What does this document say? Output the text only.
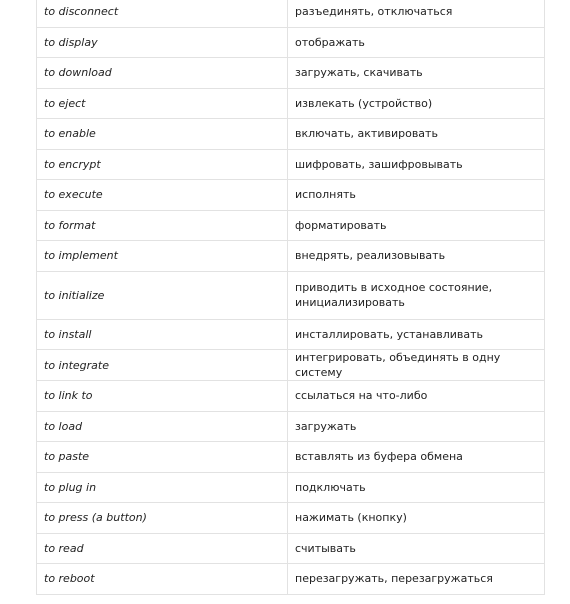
to disconnect	разъединять, отключаться
to display	отображать
to download	загружать, скачивать
to eject	извлекать (устройство)
to enable	включать, активировать
to encrypt	шифровать, зашифровывать
to execute	исполнять
to format	форматировать
to implement	внедрять, реализовывать
to initialize	приводить в исходное состояние, инициализировать
to install	инсталлировать, устанавливать
to integrate	интегрировать, объединять в одну систему
to link to	ссылаться на что-либо
to load	загружать
to paste	вставлять из буфера обмена
to plug in	подключать
to press (a button)	нажимать (кнопку)
to read	считывать
to reboot	перезагружать, перезагружаться
